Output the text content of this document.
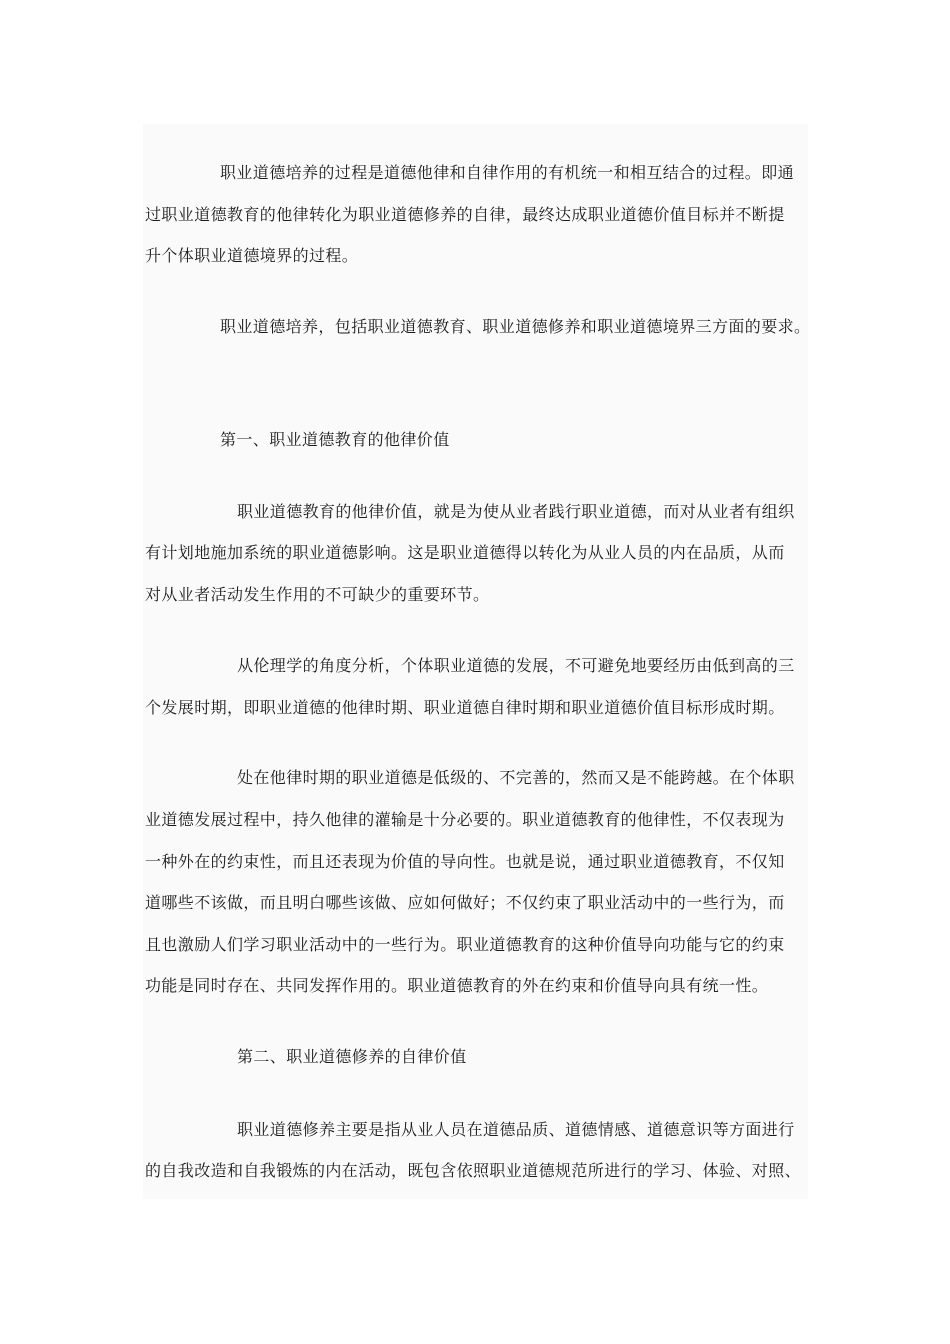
职业道德培养的过程是道德他律和自律作用的有机统一和相互结合的过程。即通
过职业道德教育的他律转化为职业道德修养的自律，最终达成职业道德价值目标并不断提
升个体职业道德境界的过程。
职业道德培养，包括职业道德教育、职业道德修养和职业道德境界三方面的要求。
第一、职业道德教育的他律价值
职业道德教育的他律价值，就是为使从业者践行职业道德，而对从业者有组织
有计划地施加系统的职业道德影响。这是职业道德得以转化为从业人员的内在品质，从而
对从业者活动发生作用的不可缺少的重要环节。
从伦理学的角度分析，个体职业道德的发展，不可避免地要经历由低到高的三
个发展时期，即职业道德的他律时期、职业道德自律时期和职业道德价值目标形成时期。
处在他律时期的职业道德是低级的、不完善的，然而又是不能跨越。在个体职
业道德发展过程中，持久他律的灌输是十分必要的。职业道德教育的他律性，不仅表现为
一种外在的约束性，而且还表现为价值的导向性。也就是说，通过职业道德教育，不仅知
道哪些不该做，而且明白哪些该做、应如何做好；不仅约束了职业活动中的一些行为，而
且也激励人们学习职业活动中的一些行为。职业道德教育的这种价值导向功能与它的约束
功能是同时存在、共同发挥作用的。职业道德教育的外在约束和价值导向具有统一性。
第二、职业道德修养的自律价值
职业道德修养主要是指从业人员在道德品质、道德情感、道德意识等方面进行
的自我改造和自我锻炼的内在活动，既包含依照职业道德规范所进行的学习、体验、对照、
